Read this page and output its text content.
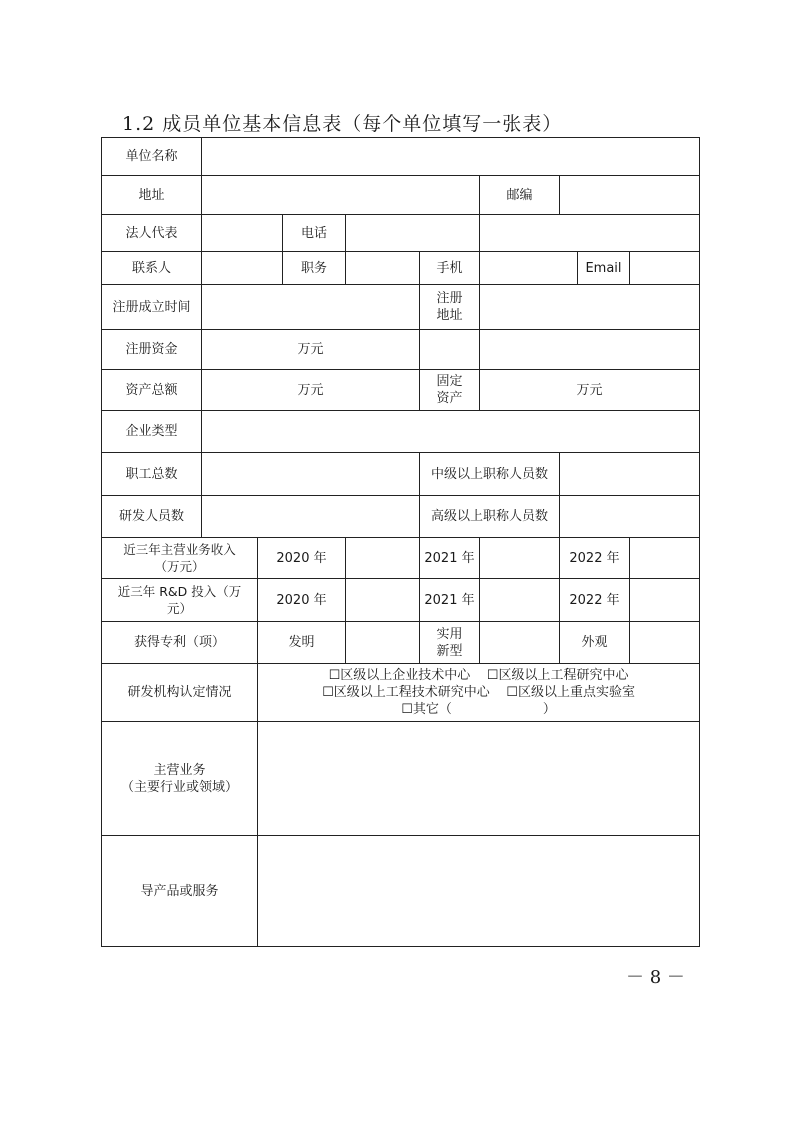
1.2 成员单位基本信息表（每个单位填写一张表）
单位名称									
地址						邮编			
法人代表			电话						
联系人			职务		手机			Email	
注册成立时间					注册地址				
注册资金	万元								
资产总额	万元				固定资产	万元			
企业类型									
职工总数					中级以上职称人员数				
研发人员数					高级以上职称人员数				
近三年主营业务收入（万元）		2020 年			2021 年		2022 年		
近三年 R&D 投入（万元）		2020 年			2021 年		2022 年		
获得专利（项）		发明			实用新型		外观		
研发机构认定情况		☐区级以上企业技术中心 ☐区级以上工程研究中心
☐区级以上工程技术研究中心 ☐区级以上重点实验室
☐其它（　　　　　　　）							

主营业务
（主要行业或领域）									

导产品或服务									
－ 8 －
